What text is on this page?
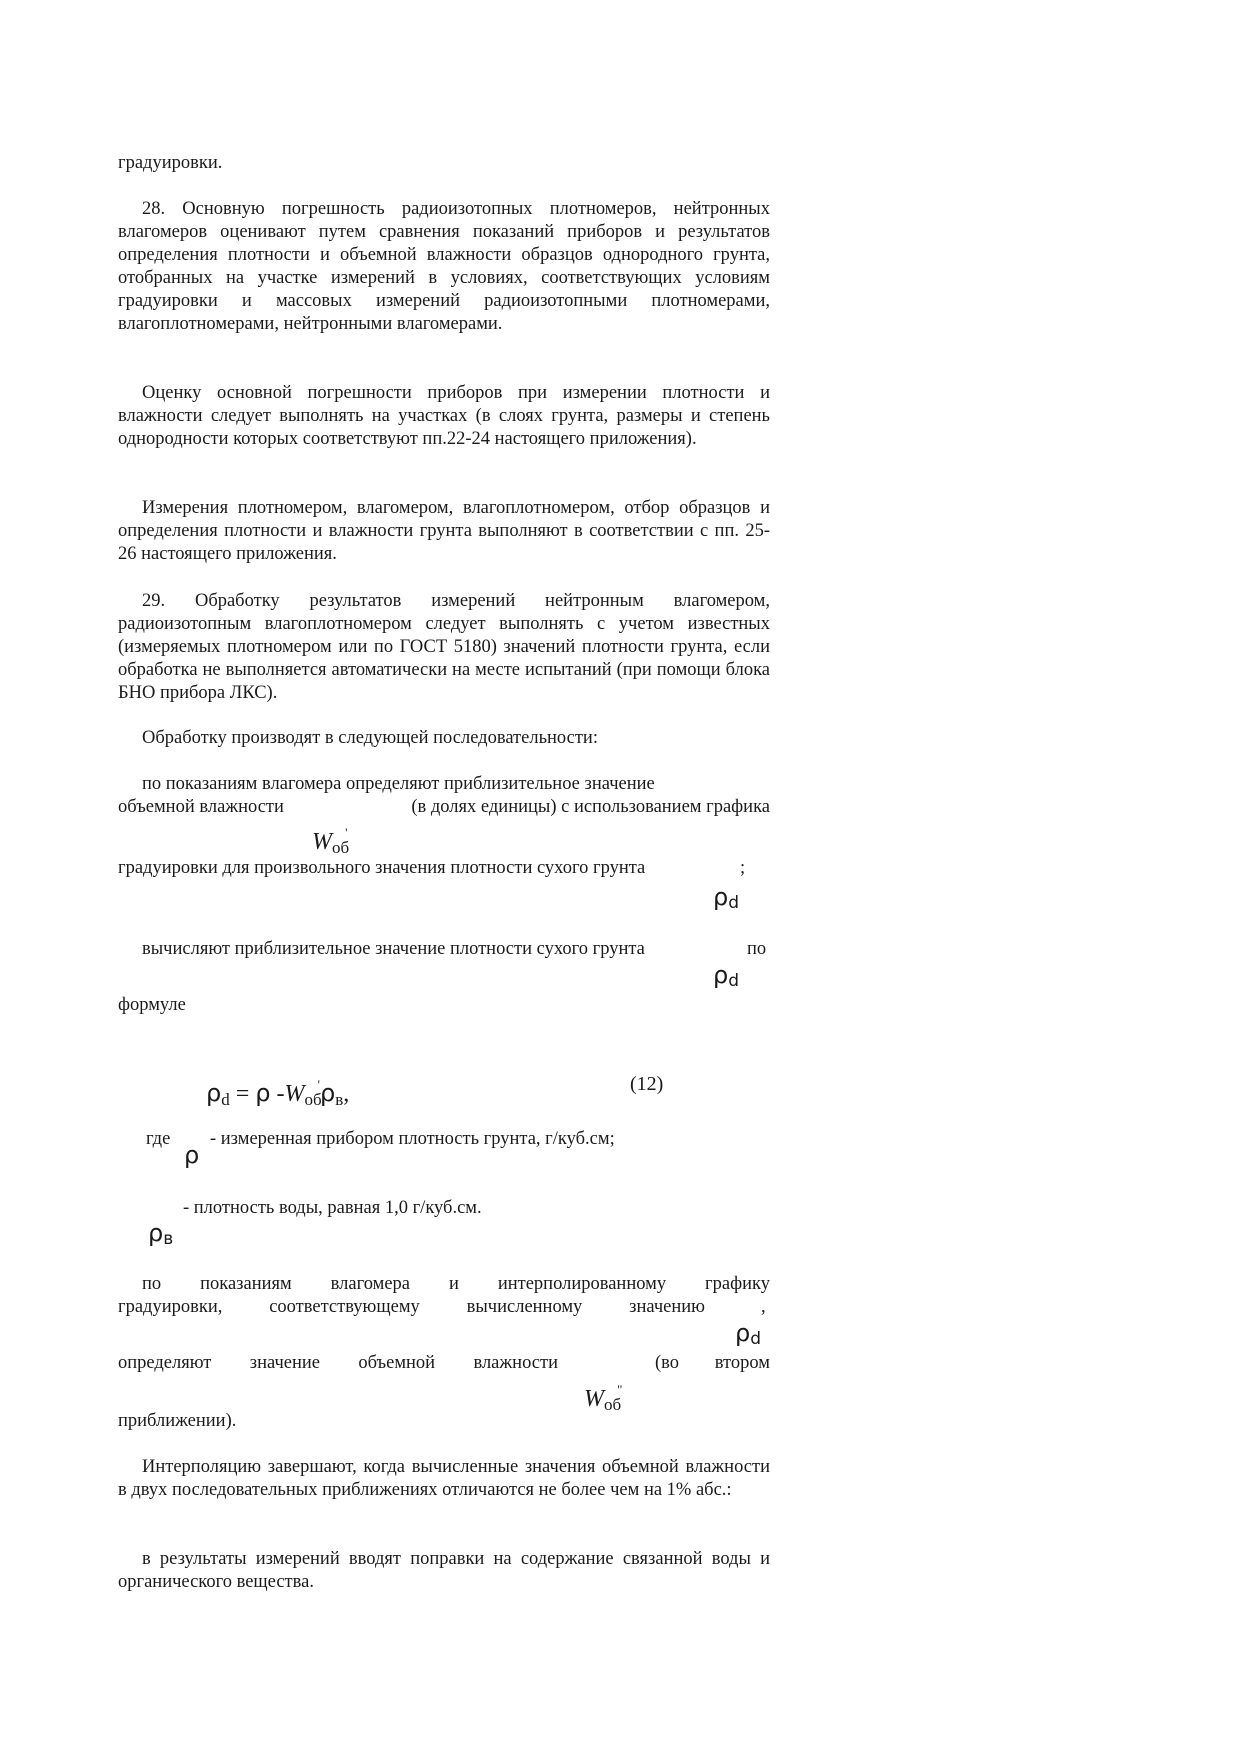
градуировки.
28. Основную погрешность радиоизотопных плотномеров, нейтронных влагомеров оценивают путем сравнения показаний приборов и результатов определения плотности и объемной влажности образцов однородного грунта, отобранных на участке измерений в условиях, соответствующих условиям градуировки и массовых измерений радиоизотопными плотномерами, влагоплотномерами, нейтронными влагомерами.
Оценку основной погрешности приборов при измерении плотности и влажности следует выполнять на участках (в слоях грунта, размеры и степень однородности которых соответствуют пп.22-24 настоящего приложения).
Измерения плотномером, влагомером, влагоплотномером, отбор образцов и определения плотности и влажности грунта выполняют в соответствии с пп. 25-26 настоящего приложения.
29. Обработку результатов измерений нейтронным влагомером, радиоизотопным влагоплотномером следует выполнять с учетом известных (измеряемых плотномером или по ГОСТ 5180) значений плотности грунта, если обработка не выполняется автоматически на месте испытаний (при помощи блока БНО прибора ЛКС).
Обработку производят в следующей последовательности:
по показаниям влагомера определяют приблизительное значение
объемной влажности	(в долях единицы) с использованием графика
$W_{об}'$
градуировки для произвольного значения плотности сухого грунта	;
$\rho_d$
вычисляют приблизительное значение плотности сухого грунта	по
$\rho_d$
формуле
$\rho_d = \rho$ $-W_{об}'\rho_в$,	(12)
где
ρ
- измеренная прибором плотность грунта, г/куб.см;
- плотность воды, равная 1,0 г/куб.см.
$\rho_в$
по показаниям влагомера и интерполированному графику
градуировки,	соответствующему	вычисленному	значению	,
$\rho_d$
определяют значение объемной влажности	(во втором
$W_{об}^"$
приближении).
Интерполяцию завершают, когда вычисленные значения объемной влажности в двух последовательных приближениях отличаются не более чем на 1% абс.:
в результаты измерений вводят поправки на содержание связанной воды и органического вещества.
